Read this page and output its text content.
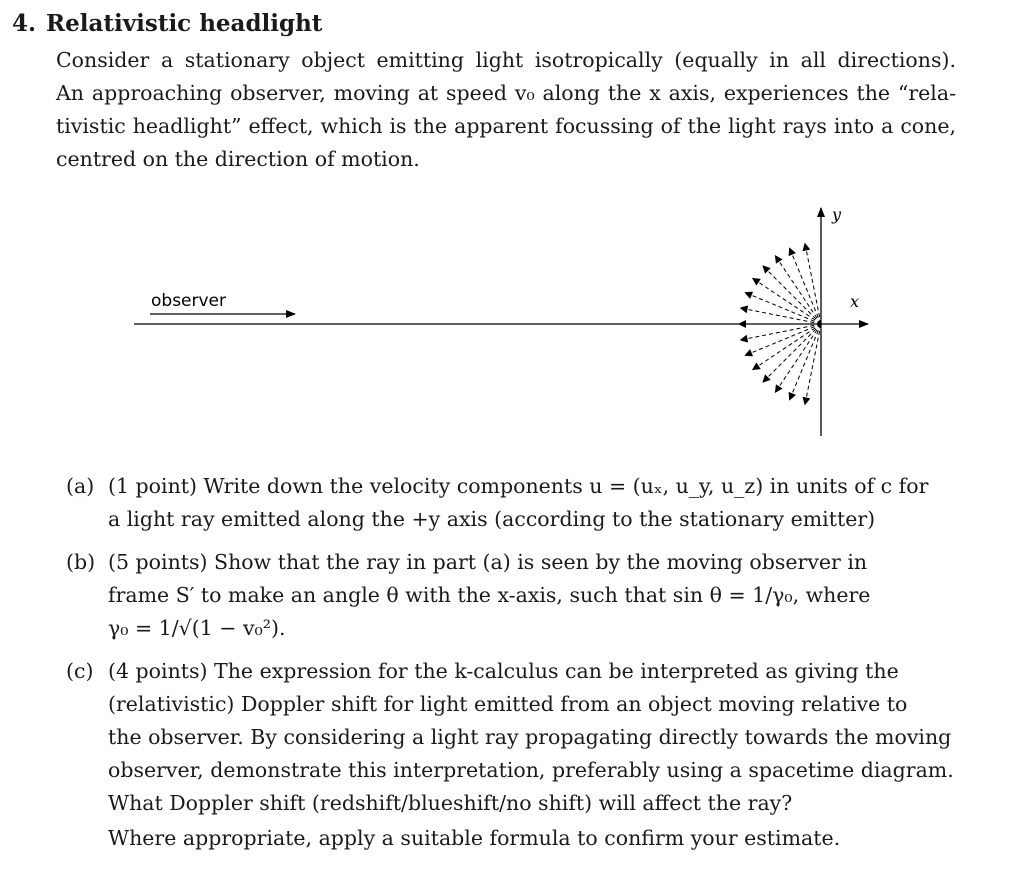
4. Relativistic headlight
Consider a stationary object emitting light isotropically (equally in all directions).
An approaching observer, moving at speed v₀ along the x axis, experiences the “rela-
tivistic headlight” effect, which is the apparent focussing of the light rays into a cone,
centred on the direction of motion.
observer	x
y
(a) (1 point) Write down the velocity components u = (uₓ, u_y, u_z) in units of c for
a light ray emitted along the +y axis (according to the stationary emitter)
(b) (5 points) Show that the ray in part (a) is seen by the moving observer in
frame S′ to make an angle θ with the x-axis, such that sin θ = 1/γ₀, where
γ₀ = 1/√(1 − v₀²).
(c) (4 points) The expression for the k-calculus can be interpreted as giving the
(relativistic) Doppler shift for light emitted from an object moving relative to
the observer. By considering a light ray propagating directly towards the moving
observer, demonstrate this interpretation, preferably using a spacetime diagram.
What Doppler shift (redshift/blueshift/no shift) will affect the ray?
Where appropriate, apply a suitable formula to confirm your estimate.
